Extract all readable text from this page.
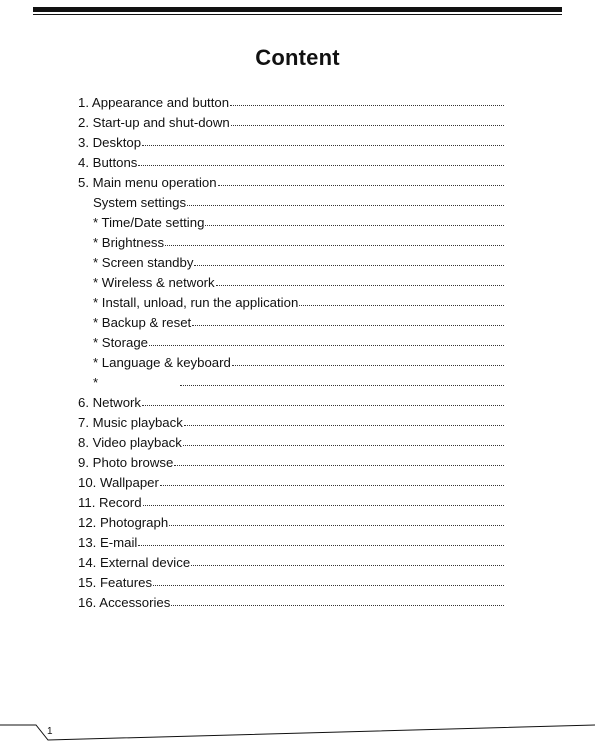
Content
1. Appearance and button
2. Start-up and shut-down
3. Desktop
4. Buttons
5. Main menu operation
System settings
* Time/Date setting
* Brightness
* Screen standby
* Wireless & network
* Install, unload, run the application
* Backup & reset
* Storage
* Language & keyboard
*
6. Network
7. Music playback
8. Video playback
9. Photo browse
10. Wallpaper
11. Record
12. Photograph
13. E-mail
14. External device
15. Features
16. Accessories
1
